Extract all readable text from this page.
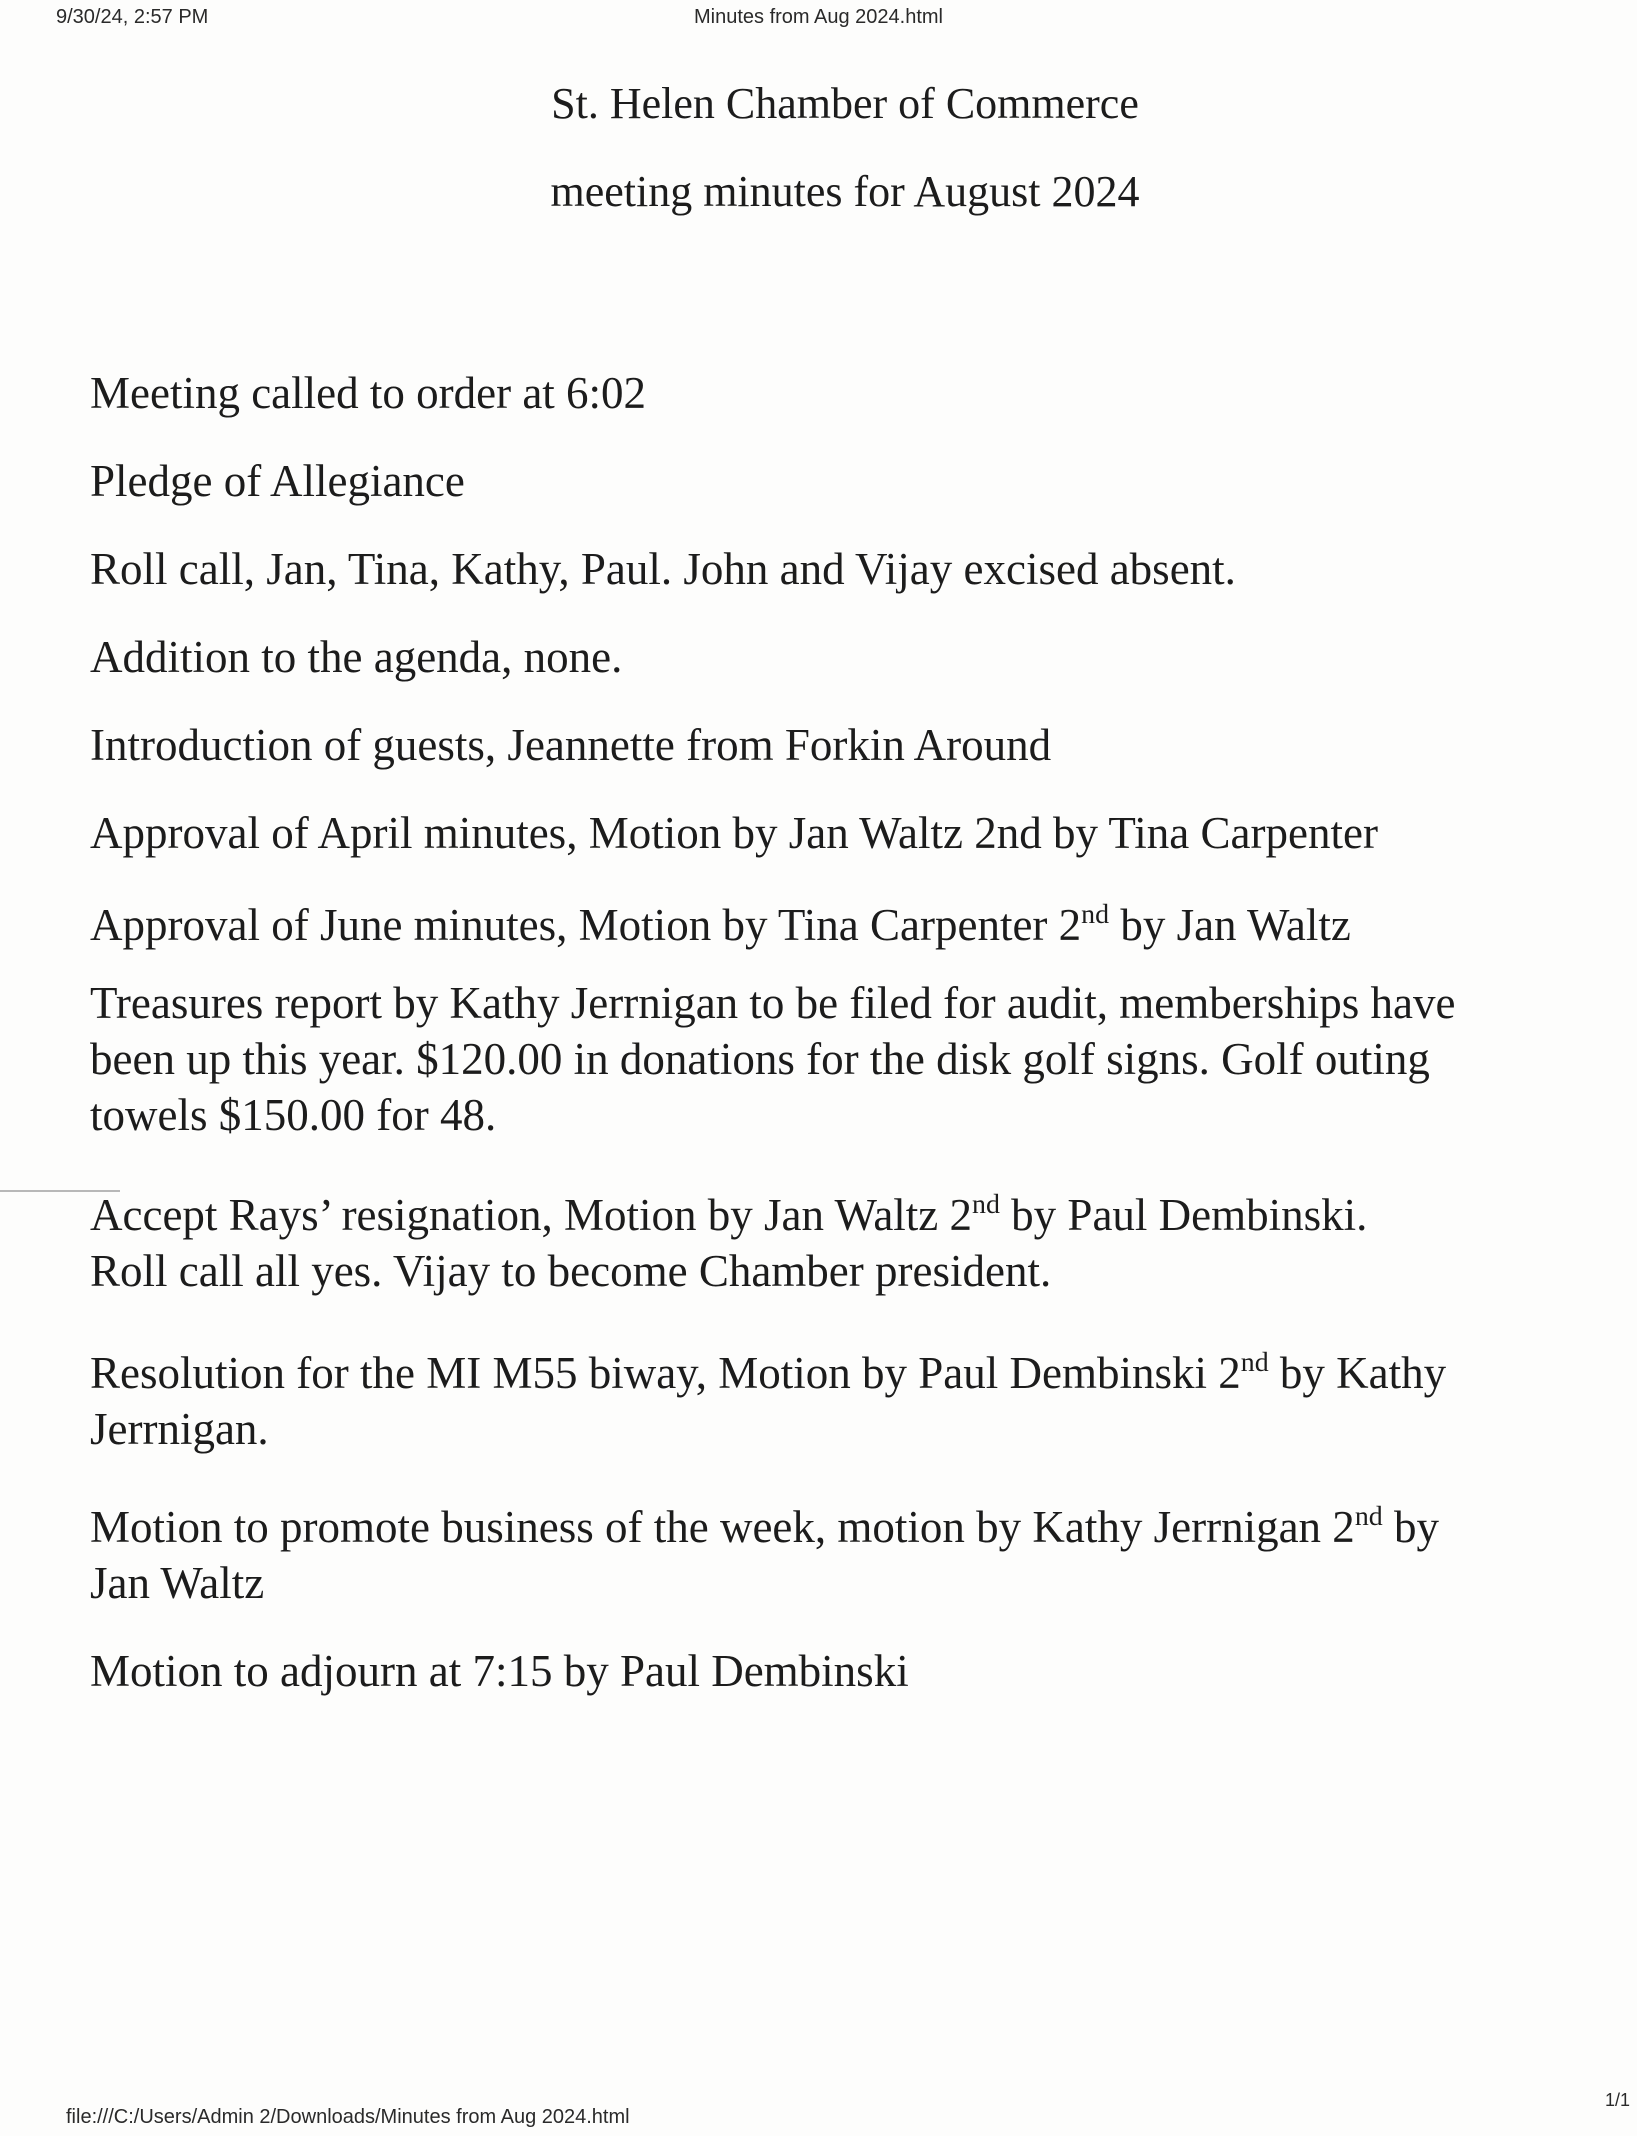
9/30/24, 2:57 PM	Minutes from Aug 2024.html
St. Helen Chamber of Commerce
meeting minutes for August 2024

Meeting called to order at 6:02

Pledge of Allegiance

Roll call, Jan, Tina, Kathy, Paul. John and Vijay excised absent.

Addition to the agenda, none.

Introduction of guests, Jeannette from Forkin Around

Approval of April minutes, Motion by Jan Waltz 2nd by Tina Carpenter

Approval of June minutes, Motion by Tina Carpenter 2nd by Jan Waltz

Treasures report by Kathy Jerrnigan to be filed for audit, memberships have

been up this year. $120.00 in donations for the disk golf signs. Golf outing

towels $150.00 for 48.

Accept Rays’ resignation, Motion by Jan Waltz 2nd by Paul Dembinski.

Roll call all yes. Vijay to become Chamber president.

Resolution for the MI M55 biway, Motion by Paul Dembinski 2nd by Kathy

Jerrnigan.

Motion to promote business of the week, motion by Kathy Jerrnigan 2nd by

Jan Waltz

Motion to adjourn at 7:15 by Paul Dembinski

file:///C:/Users/Admin 2/Downloads/Minutes from Aug 2024.html
1/1
